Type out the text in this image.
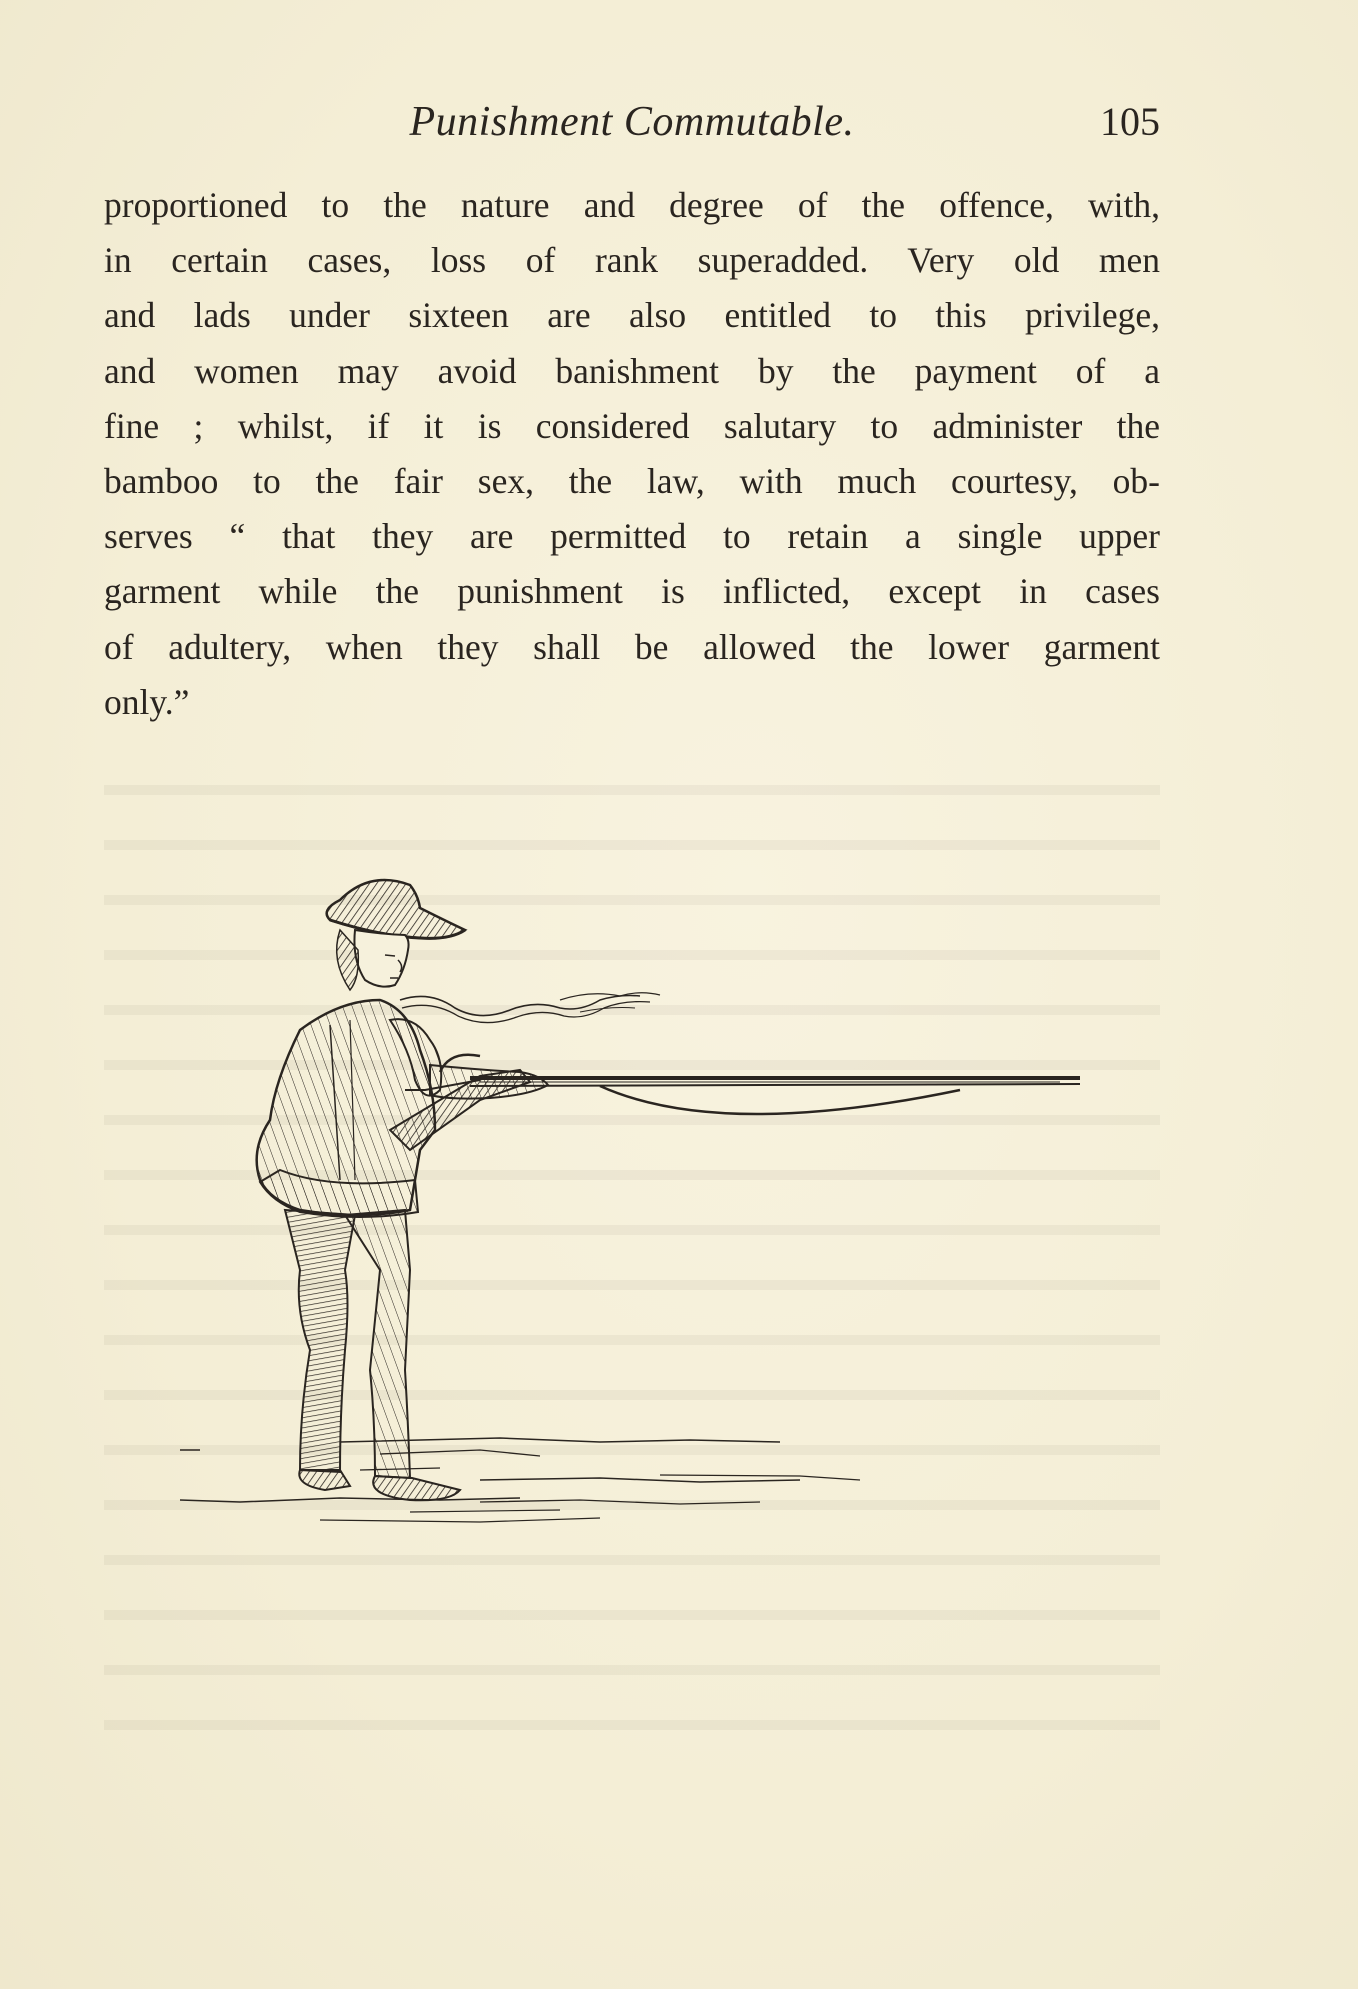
Punishment Commutable.	105
proportioned to the nature and degree of the offence, with,
in certain cases, loss of rank superadded. Very old men
and lads under sixteen are also entitled to this privilege,
and women may avoid banishment by the payment of a
fine ; whilst, if it is considered salutary to administer the
bamboo to the fair sex, the law, with much courtesy, ob-
serves “ that they are permitted to retain a single upper
garment while the punishment is inflicted, except in cases
of adultery, when they shall be allowed the lower garment
only.”
